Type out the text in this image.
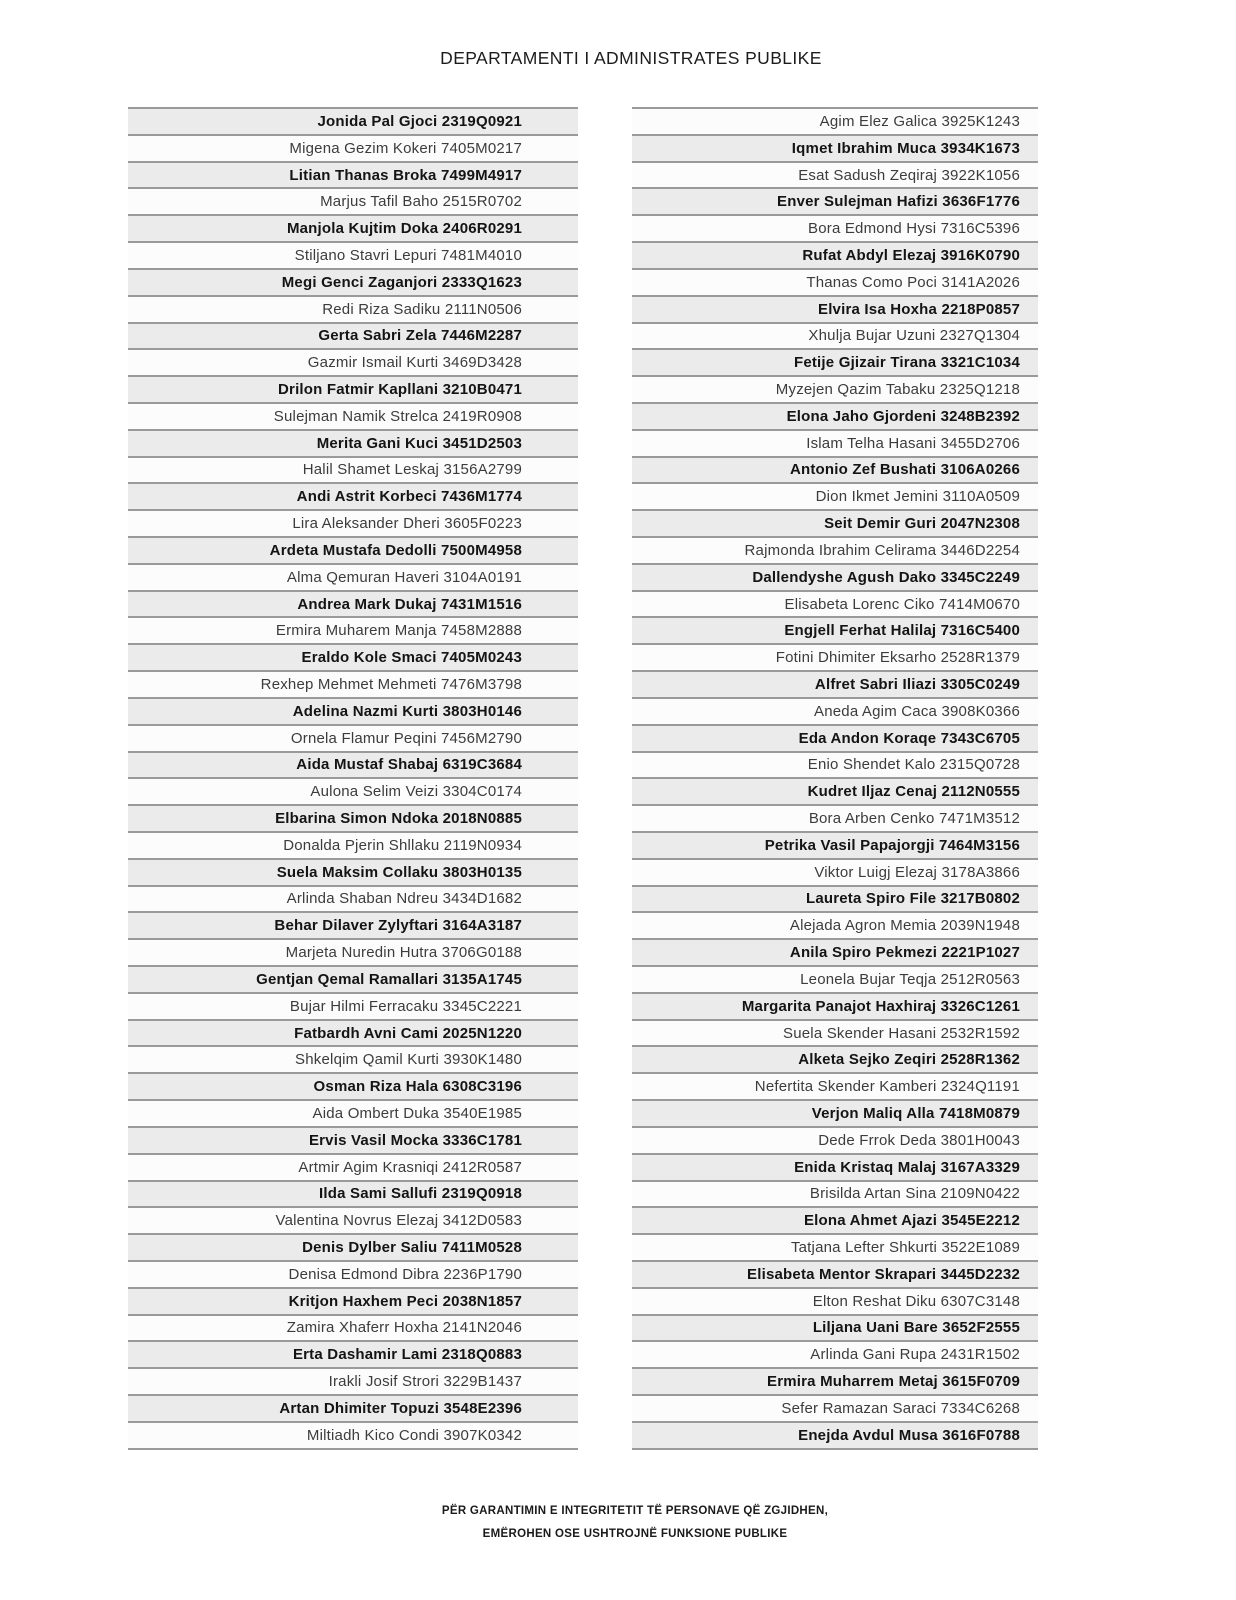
DEPARTAMENTI I ADMINISTRATES PUBLIKE
Jonida Pal Gjoci 2319Q0921
Migena Gezim Kokeri 7405M0217
Litian Thanas Broka 7499M4917
Marjus Tafil Baho 2515R0702
Manjola Kujtim Doka 2406R0291
Stiljano Stavri Lepuri 7481M4010
Megi Genci Zaganjori 2333Q1623
Redi Riza Sadiku 2111N0506
Gerta Sabri Zela 7446M2287
Gazmir Ismail Kurti 3469D3428
Drilon Fatmir Kapllani 3210B0471
Sulejman Namik Strelca 2419R0908
Merita Gani Kuci 3451D2503
Halil Shamet Leskaj 3156A2799
Andi Astrit Korbeci 7436M1774
Lira Aleksander Dheri 3605F0223
Ardeta Mustafa Dedolli 7500M4958
Alma Qemuran Haveri 3104A0191
Andrea Mark Dukaj 7431M1516
Ermira Muharem Manja 7458M2888
Eraldo Kole Smaci 7405M0243
Rexhep Mehmet Mehmeti 7476M3798
Adelina Nazmi Kurti 3803H0146
Ornela Flamur Peqini 7456M2790
Aida Mustaf Shabaj 6319C3684
Aulona Selim Veizi 3304C0174
Elbarina Simon Ndoka 2018N0885
Donalda Pjerin Shllaku 2119N0934
Suela Maksim Collaku 3803H0135
Arlinda Shaban Ndreu 3434D1682
Behar Dilaver Zylyftari 3164A3187
Marjeta Nuredin Hutra 3706G0188
Gentjan Qemal Ramallari 3135A1745
Bujar Hilmi Ferracaku 3345C2221
Fatbardh Avni Cami 2025N1220
Shkelqim Qamil Kurti 3930K1480
Osman Riza Hala 6308C3196
Aida Ombert Duka 3540E1985
Ervis Vasil Mocka 3336C1781
Artmir Agim Krasniqi 2412R0587
Ilda Sami Sallufi 2319Q0918
Valentina Novrus Elezaj 3412D0583
Denis Dylber Saliu 7411M0528
Denisa Edmond Dibra 2236P1790
Kritjon Haxhem Peci 2038N1857
Zamira Xhaferr Hoxha 2141N2046
Erta Dashamir Lami 2318Q0883
Irakli Josif Strori 3229B1437
Artan Dhimiter Topuzi 3548E2396
Miltiadh Kico Condi 3907K0342
Agim Elez Galica 3925K1243
Iqmet Ibrahim Muca 3934K1673
Esat Sadush Zeqiraj 3922K1056
Enver Sulejman Hafizi 3636F1776
Bora Edmond Hysi 7316C5396
Rufat Abdyl Elezaj 3916K0790
Thanas Como Poci 3141A2026
Elvira Isa Hoxha 2218P0857
Xhulja Bujar Uzuni 2327Q1304
Fetije Gjizair Tirana 3321C1034
Myzejen Qazim Tabaku 2325Q1218
Elona Jaho Gjordeni 3248B2392
Islam Telha Hasani 3455D2706
Antonio Zef Bushati 3106A0266
Dion Ikmet Jemini 3110A0509
Seit Demir Guri 2047N2308
Rajmonda Ibrahim Celirama 3446D2254
Dallendyshe Agush Dako 3345C2249
Elisabeta Lorenc Ciko 7414M0670
Engjell Ferhat Halilaj 7316C5400
Fotini Dhimiter Eksarho 2528R1379
Alfret Sabri Iliazi 3305C0249
Aneda Agim Caca 3908K0366
Eda Andon Koraqe 7343C6705
Enio Shendet Kalo 2315Q0728
Kudret Iljaz Cenaj 2112N0555
Bora Arben Cenko 7471M3512
Petrika Vasil Papajorgji 7464M3156
Viktor Luigj Elezaj 3178A3866
Laureta Spiro File 3217B0802
Alejada Agron Memia 2039N1948
Anila Spiro Pekmezi 2221P1027
Leonela Bujar Teqja 2512R0563
Margarita Panajot Haxhiraj 3326C1261
Suela Skender Hasani 2532R1592
Alketa Sejko Zeqiri 2528R1362
Nefertita Skender Kamberi 2324Q1191
Verjon Maliq Alla 7418M0879
Dede Frrok Deda 3801H0043
Enida Kristaq Malaj 3167A3329
Brisilda Artan Sina 2109N0422
Elona Ahmet Ajazi 3545E2212
Tatjana Lefter Shkurti 3522E1089
Elisabeta Mentor Skrapari 3445D2232
Elton Reshat Diku 6307C3148
Liljana Uani Bare 3652F2555
Arlinda Gani Rupa 2431R1502
Ermira Muharrem Metaj 3615F0709
Sefer Ramazan Saraci 7334C6268
Enejda Avdul Musa 3616F0788
PËR GARANTIMIN E INTEGRITETIT TË PERSONAVE QË ZGJIDHEN,
EMËROHEN OSE USHTROJNË FUNKSIONE PUBLIKE
